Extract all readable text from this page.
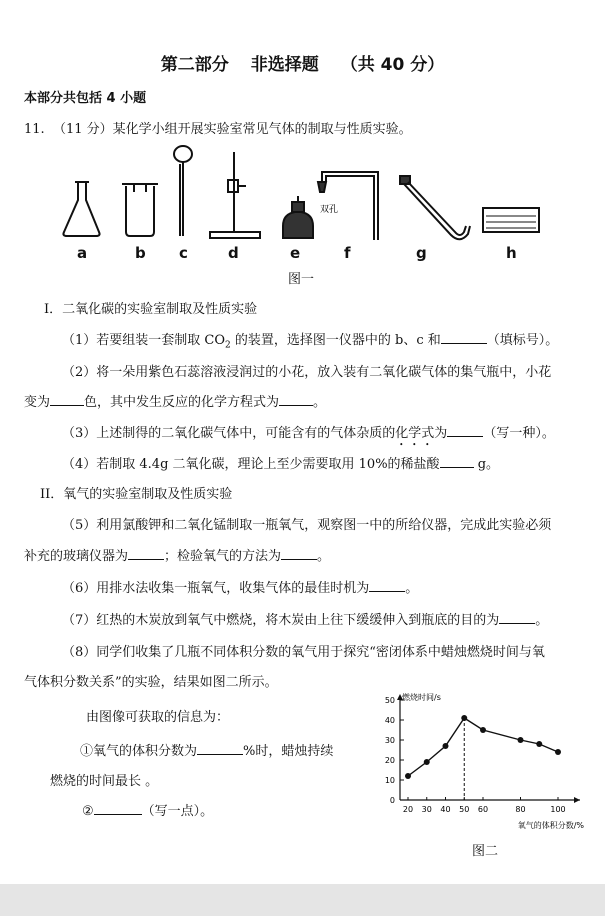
第二部分 非选择题 （共 40 分）
本部分共包括 4 小题
11. （11 分）某化学小组开展实验室常见气体的制取与性质实验。
双孔
a	b c	d	e	f	g	h
图一
I．二氧化碳的实验室制取及性质实验
（1）若要组装一套制取 $CO_2$ 的装置，选择图一仪器中的 b、c 和	（填标号）。
（2）将一朵用紫色石蕊溶液浸润过的小花，放入装有二氧化碳气体的集气瓶中，小花
变为	色，其中发生反应的化学方程式为	。
（3）上述制得的二氧化碳气体中，可能含有的气体杂质的化学式为	（写一种）。
（4）若制取 4.4g 二氧化碳，理论上至少需要取用 10%的稀盐酸	g。
II．氧气的实验室制取及性质实验
（5）利用氯酸钾和二氧化锰制取一瓶氧气，观察图一中的所给仪器，完成此实验必须
补充的玻璃仪器为	；检验氧气的方法为	。
（6）用排水法收集一瓶氧气，收集气体的最佳时机为	。
（7）红热的木炭放到氧气中燃烧，将木炭由上往下缓缓伸入到瓶底的目的为	。
（8）同学们收集了几瓶不同体积分数的氧气用于探究“密闭体系中蜡烛燃烧时间与氧
气体积分数关系”的实验，结果如图二所示。
由图像可获取的信息为：
①氧气的体积分数为	%时，蜡烛持续
燃烧的时间最长 。
②	（写一点）。
0
10
20
30
40
50
20 30 40 50 60	80	100
燃烧时间/s
氧气的体积分数/%
图二
